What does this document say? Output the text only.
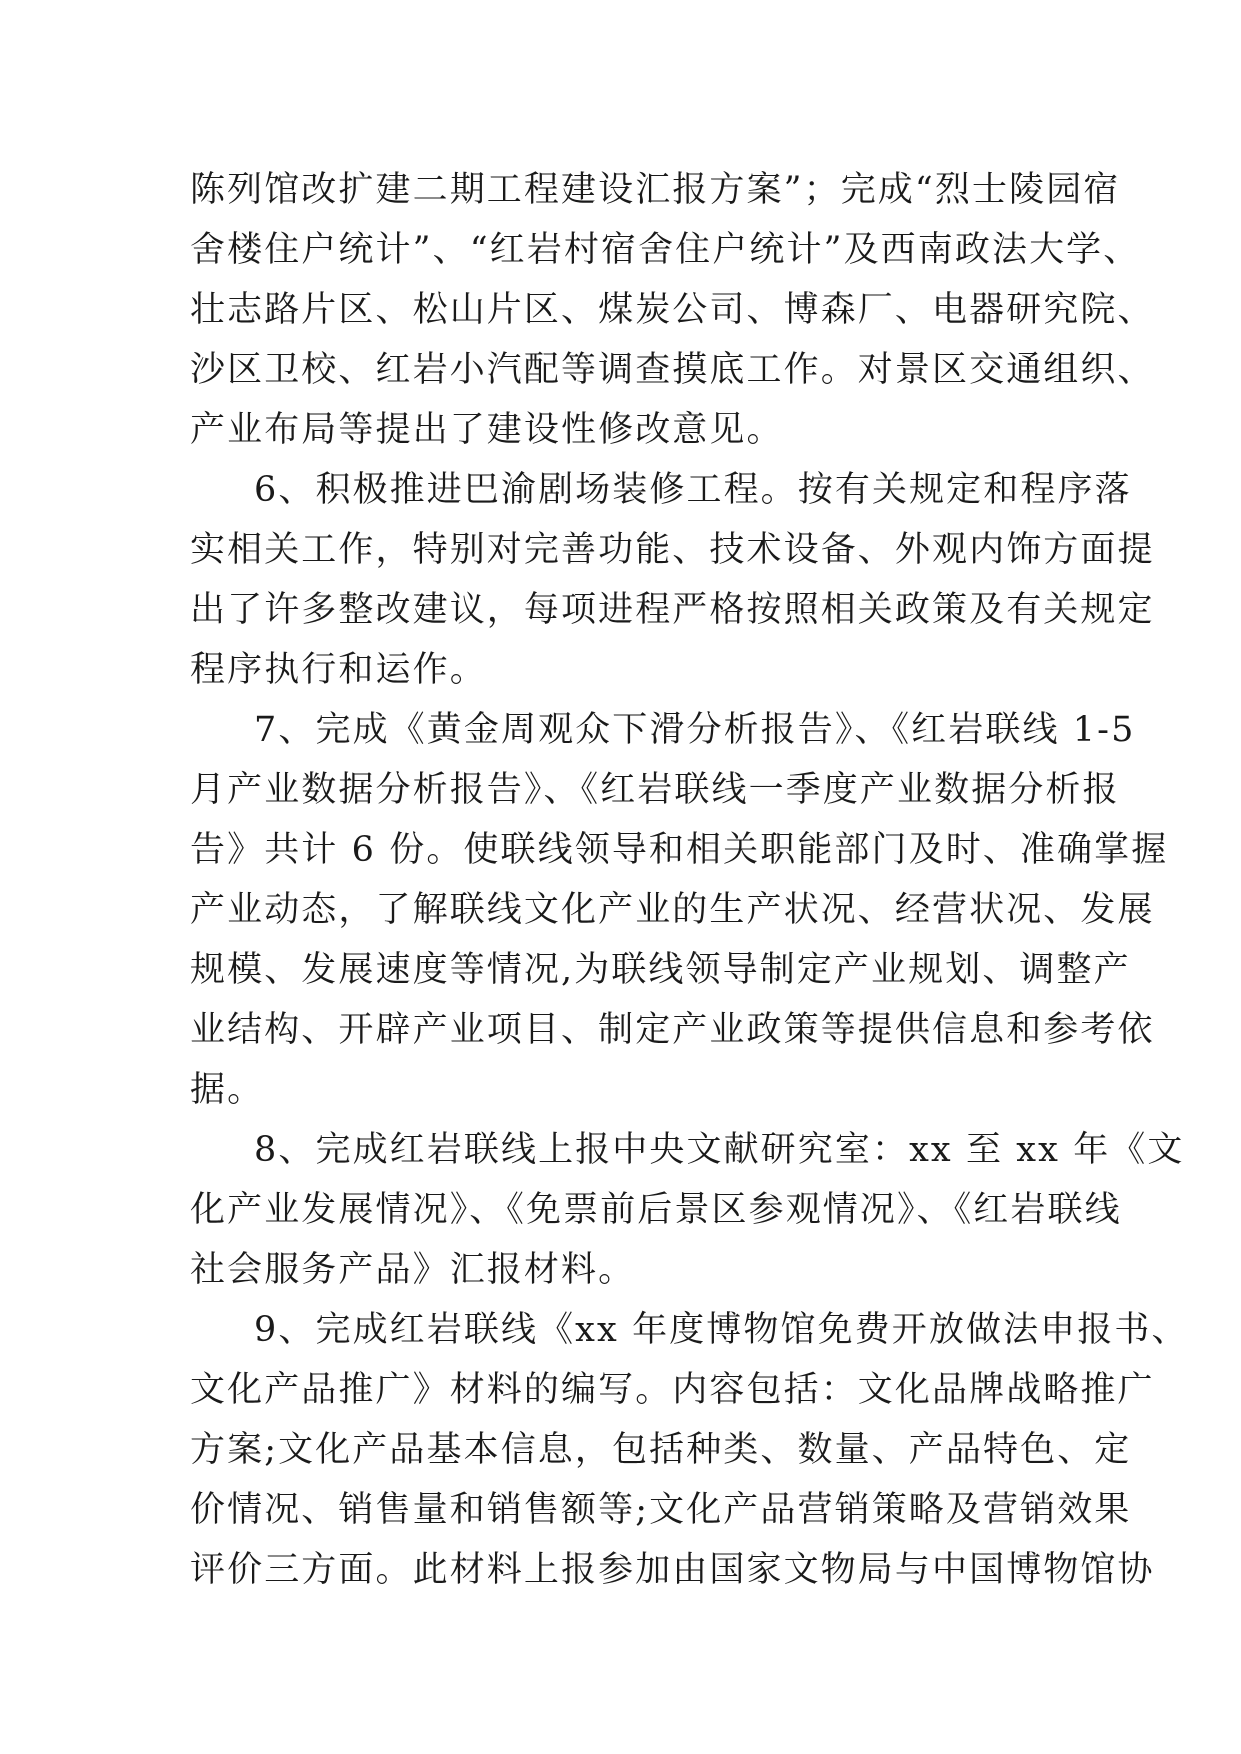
陈列馆改扩建二期工程建设汇报方案”；完成“烈士陵园宿
舍楼住户统计”、“红岩村宿舍住户统计”及西南政法大学、
壮志路片区、松山片区、煤炭公司、博森厂、电器研究院、
沙区卫校、红岩小汽配等调查摸底工作。对景区交通组织、
产业布局等提出了建设性修改意见。
6、积极推进巴渝剧场装修工程。按有关规定和程序落
实相关工作，特别对完善功能、技术设备、外观内饰方面提
出了许多整改建议，每项进程严格按照相关政策及有关规定
程序执行和运作。
7、完成《黄金周观众下滑分析报告》、《红岩联线 1-5
月产业数据分析报告》、《红岩联线一季度产业数据分析报
告》共计 6 份。使联线领导和相关职能部门及时、准确掌握
产业动态，了解联线文化产业的生产状况、经营状况、发展
规模、发展速度等情况,为联线领导制定产业规划、调整产
业结构、开辟产业项目、制定产业政策等提供信息和参考依
据。
8、完成红岩联线上报中央文献研究室：xx 至 xx 年《文
化产业发展情况》、《免票前后景区参观情况》、《红岩联线
社会服务产品》汇报材料。
9、完成红岩联线《xx 年度博物馆免费开放做法申报书、
文化产品推广》材料的编写。内容包括：文化品牌战略推广
方案;文化产品基本信息，包括种类、数量、产品特色、定
价情况、销售量和销售额等;文化产品营销策略及营销效果
评价三方面。此材料上报参加由国家文物局与中国博物馆协
